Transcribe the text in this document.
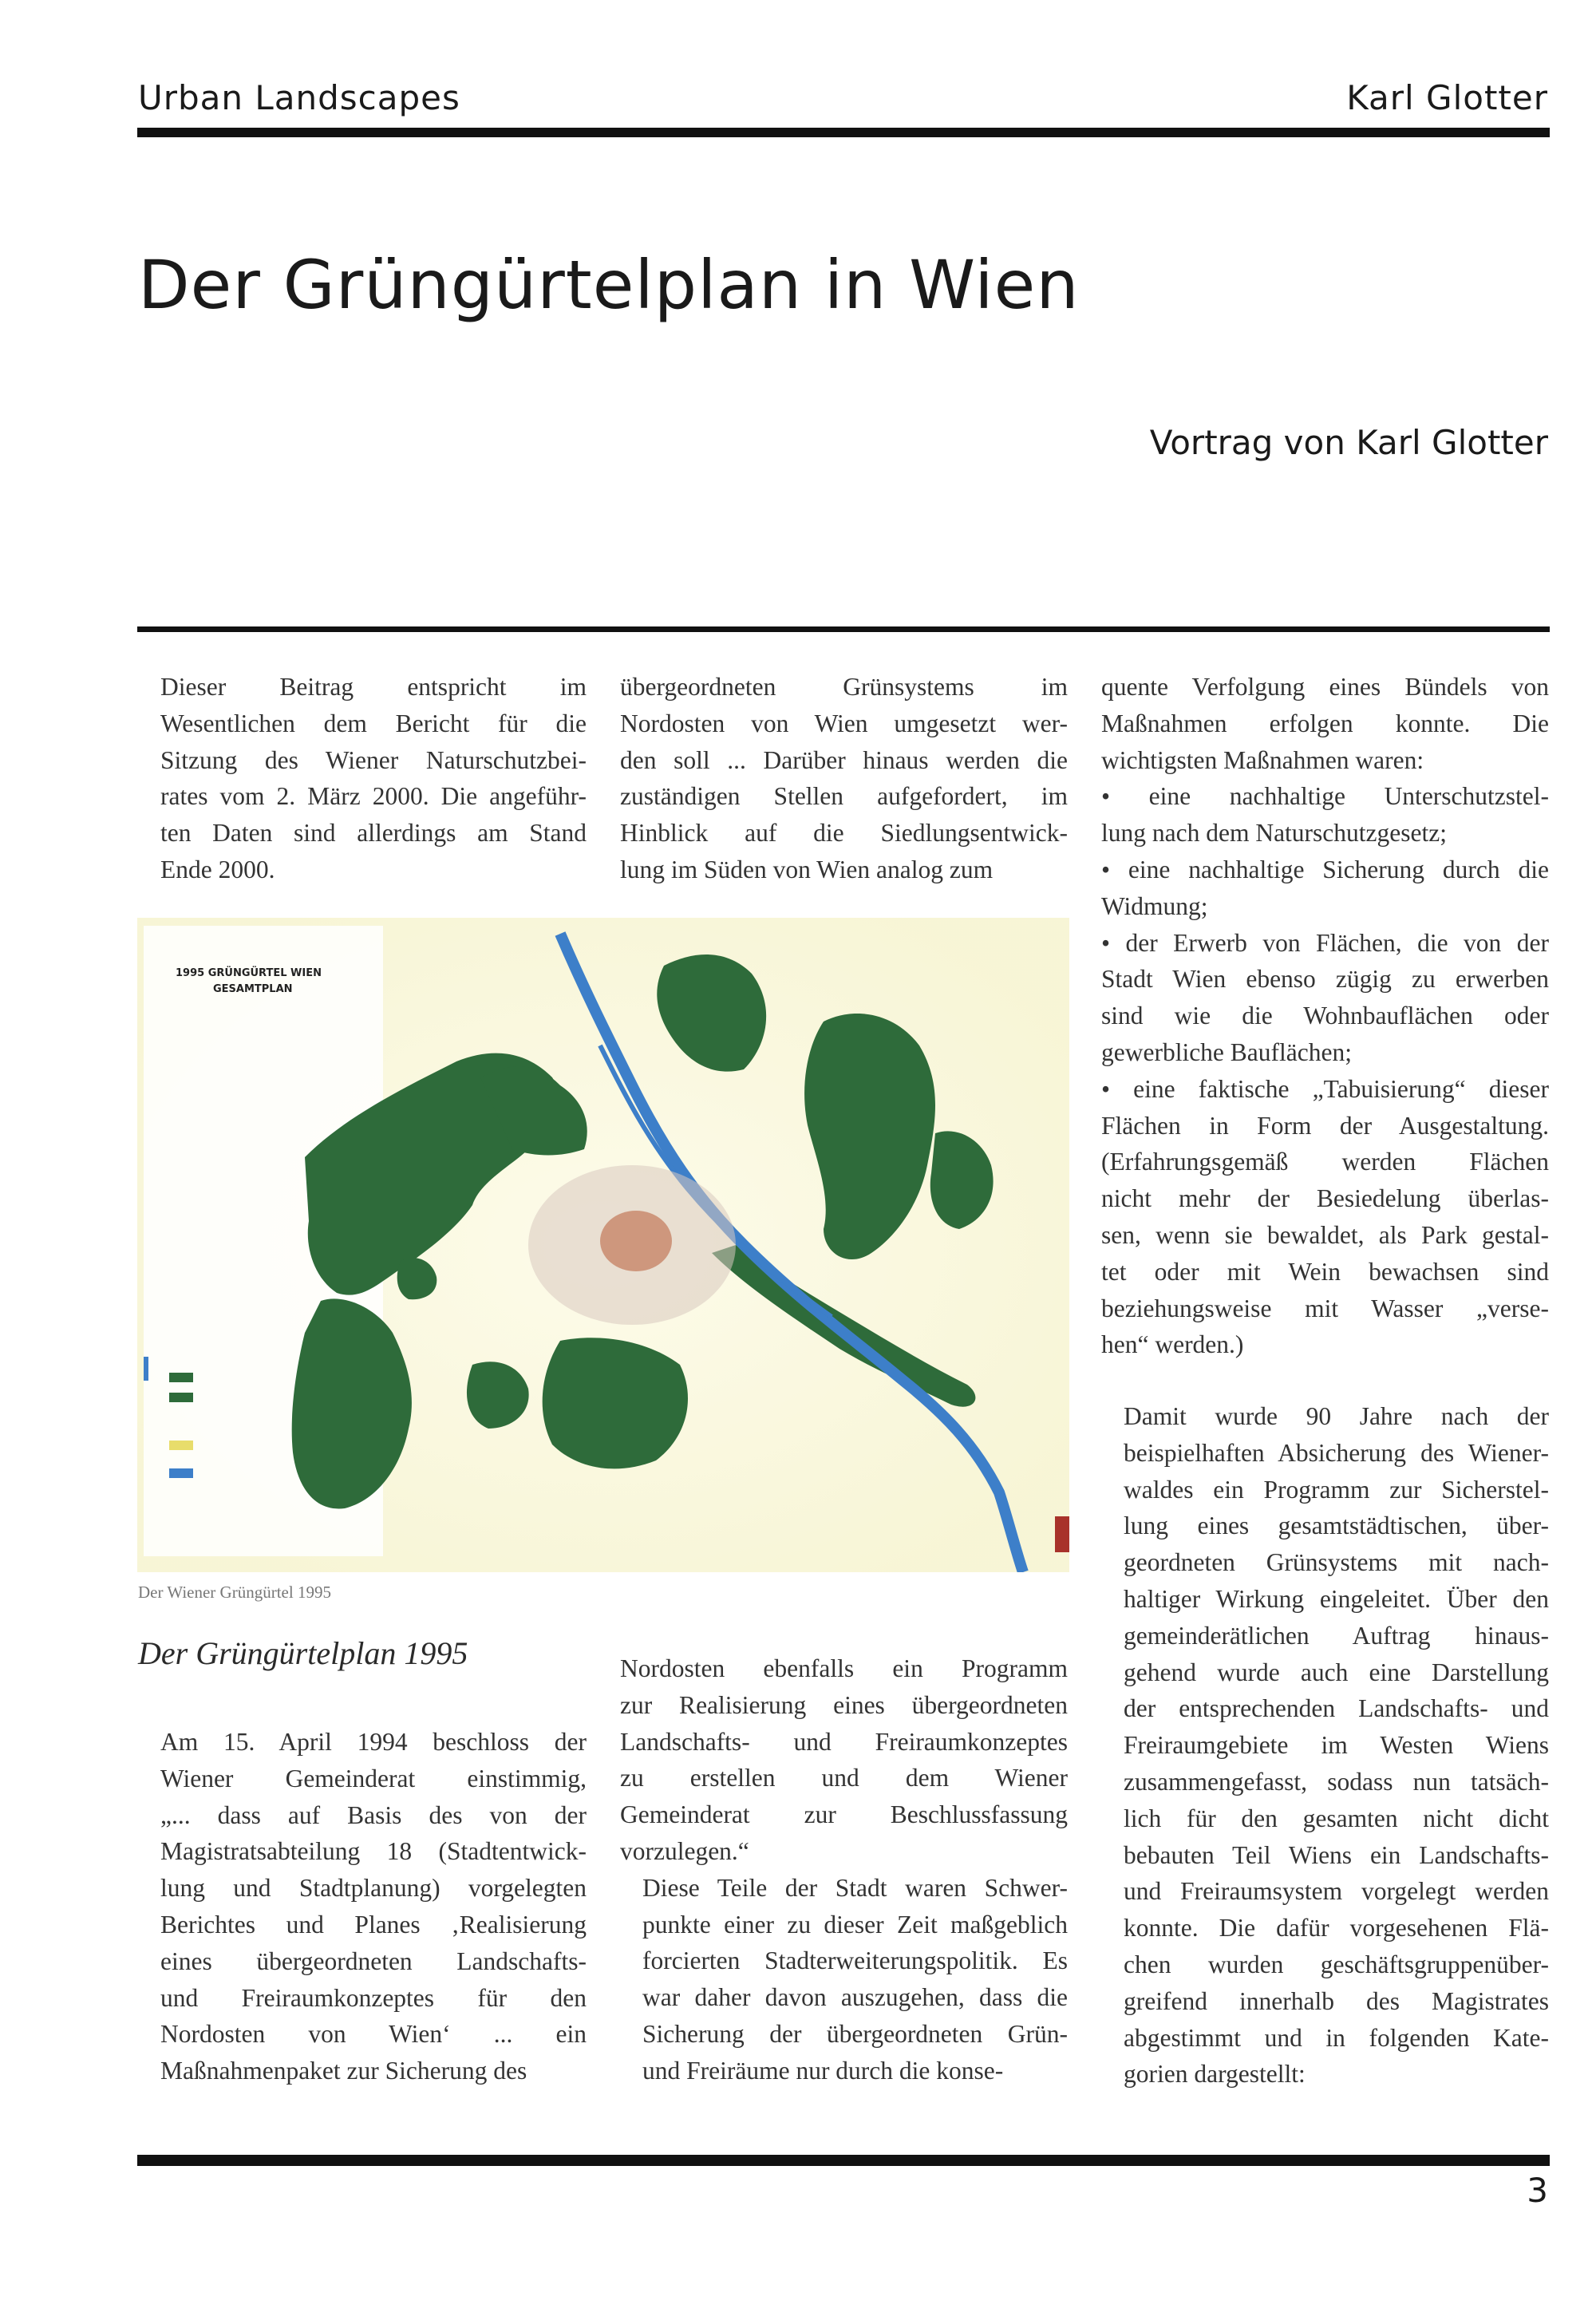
Urban Landscapes	Karl Glotter
Der Grüngürtelplan in Wien
Vortrag von Karl Glotter

Dieser Beitrag entspricht im
Wesentlichen dem Bericht für die
Sitzung des Wiener Naturschutzbei-
rates vom 2. März 2000. Die angeführ-
ten Daten sind allerdings am Stand
Ende 2000.

übergeordneten Grünsystems im
Nordosten von Wien umgesetzt wer-
den soll ... Darüber hinaus werden die
zuständigen Stellen aufgefordert, im
Hinblick auf die Siedlungsentwick-
lung im Süden von Wien analog zum

1995 GRÜNGÜRTEL WIEN
GESAMTPLAN
Der Wiener Grüngürtel 1995
Der Grüngürtelplan 1995

Am 15. April 1994 beschloss der
Wiener Gemeinderat einstimmig,
„... dass auf Basis des von der
Magistratsabteilung 18 (Stadtentwick-
lung und Stadtplanung) vorgelegten
Berichtes und Planes ‚Realisierung
eines übergeordneten Landschafts-
und Freiraumkonzeptes für den
Nordosten von Wien‘ ... ein
Maßnahmenpaket zur Sicherung des

Nordosten ebenfalls ein Programm
zur Realisierung eines übergeordneten
Landschafts- und Freiraumkonzeptes
zu erstellen und dem Wiener
Gemeinderat zur Beschlussfassung
vorzulegen.“

Diese Teile der Stadt waren Schwer-
punkte einer zu dieser Zeit maßgeblich
forcierten Stadterweiterungspolitik. Es
war daher davon auszugehen, dass die
Sicherung der übergeordneten Grün-
und Freiräume nur durch die konse-

quente Verfolgung eines Bündels von
Maßnahmen erfolgen konnte. Die
wichtigsten Maßnahmen waren:
• eine nachhaltige Unterschutzstel-
lung nach dem Naturschutzgesetz;
• eine nachhaltige Sicherung durch die
Widmung;
• der Erwerb von Flächen, die von der
Stadt Wien ebenso zügig zu erwerben
sind wie die Wohnbauflächen oder
gewerbliche Bauflächen;
• eine faktische „Tabuisierung“ dieser
Flächen in Form der Ausgestaltung.
(Erfahrungsgemäß werden Flächen
nicht mehr der Besiedelung überlas-
sen, wenn sie bewaldet, als Park gestal-
tet oder mit Wein bewachsen sind
beziehungsweise mit Wasser „verse-
hen“ werden.)

Damit wurde 90 Jahre nach der
beispielhaften Absicherung des Wiener-
waldes ein Programm zur Sicherstel-
lung eines gesamtstädtischen, über-
geordneten Grünsystems mit nach-
haltiger Wirkung eingeleitet. Über den
gemeinderätlichen Auftrag hinaus-
gehend wurde auch eine Darstellung
der entsprechenden Landschafts- und
Freiraumgebiete im Westen Wiens
zusammengefasst, sodass nun tatsäch-
lich für den gesamten nicht dicht
bebauten Teil Wiens ein Landschafts-
und Freiraumsystem vorgelegt werden
konnte. Die dafür vorgesehenen Flä-
chen wurden geschäftsgruppenüber-
greifend innerhalb des Magistrates
abgestimmt und in folgenden Kate-
gorien dargestellt:

3
